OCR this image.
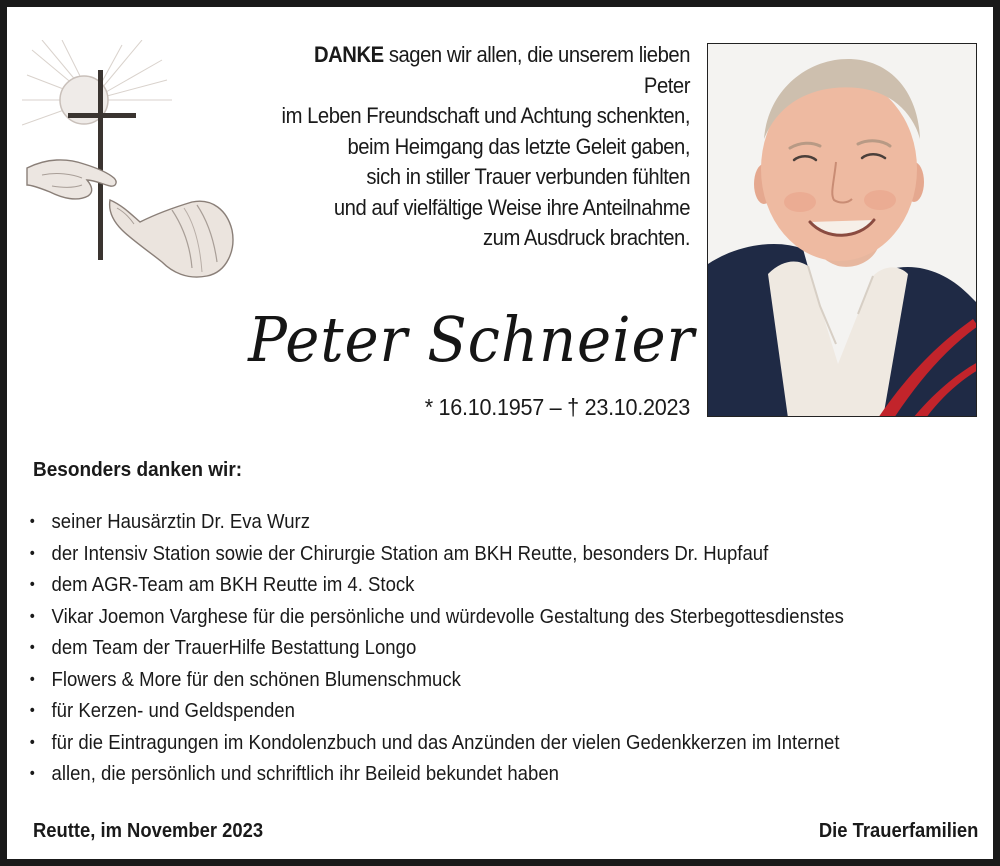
DANKE sagen wir allen, die unserem lieben Peter

im Leben Freundschaft und Achtung schenkten,

beim Heimgang das letzte Geleit gaben,

sich in stiller Trauer verbunden fühlten

und auf vielfältige Weise ihre Anteilnahme

zum Ausdruck brachten.

Peter Schneier
* 16.10.1957 – † 23.10.2023
Besonders danken wir:
• seiner Hausärztin Dr. Eva Wurz
• der Intensiv Station sowie der Chirurgie Station am BKH Reutte, besonders Dr. Hupfauf
• dem AGR-Team am BKH Reutte im 4. Stock
• Vikar Joemon Varghese für die persönliche und würdevolle Gestaltung des Sterbegottesdienstes
• dem Team der TrauerHilfe Bestattung Longo
• Flowers & More für den schönen Blumenschmuck
• für Kerzen- und Geldspenden
• für die Eintragungen im Kondolenzbuch und das Anzünden der vielen Gedenkkerzen im Internet
• allen, die persönlich und schriftlich ihr Beileid bekundet haben
Reutte, im November 2023	Die Trauerfamilien
